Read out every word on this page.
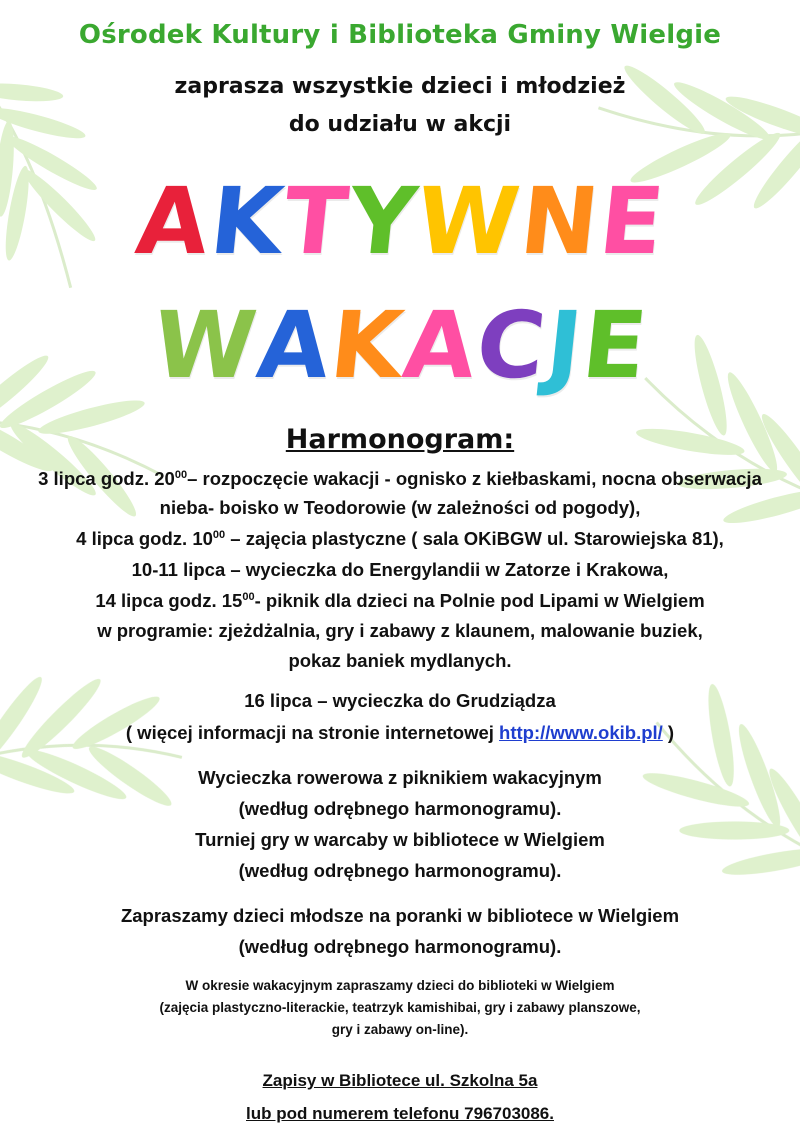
Ośrodek Kultury i Biblioteka Gminy Wielgie
zaprasza wszystkie dzieci i młodzież
do udziału w akcji
A
K
T
Y
W
N
E
W
A
K
A
C
J
E
Harmonogram:
3 lipca godz. $20^{00}-$ rozpoczęcie wakacji - ognisko z kiełbaskami, nocna obserwacja
nieba- boisko w Teodorowie (w zależności od pogody),
4 lipca godz. $10^{00}$ – zajęcia plastyczne ( sala OKiBGW ul. Starowiejska 81),
10-11 lipca – wycieczka do Energylandii w Zatorze i Krakowa,
14 lipca godz. $15^{00}-$ piknik dla dzieci na Polnie pod Lipami w Wielgiem
w programie: zjeżdżalnia, gry i zabawy z klaunem, malowanie buziek,
pokaz baniek mydlanych.
16 lipca – wycieczka do Grudziądza
( więcej informacji na stronie internetowej http://www.okib.pl/ )
Wycieczka rowerowa z piknikiem wakacyjnym
(według odrębnego harmonogramu).
Turniej gry w warcaby w bibliotece w Wielgiem
(według odrębnego harmonogramu).
Zapraszamy dzieci młodsze na poranki w bibliotece w Wielgiem
(według odrębnego harmonogramu).
W okresie wakacyjnym zapraszamy dzieci do biblioteki w Wielgiem
(zajęcia plastyczno-literackie, teatrzyk kamishibai, gry i zabawy planszowe,
gry i zabawy on-line).
Zapisy w Bibliotece ul. Szkolna 5a
lub pod numerem telefonu 796703086.
